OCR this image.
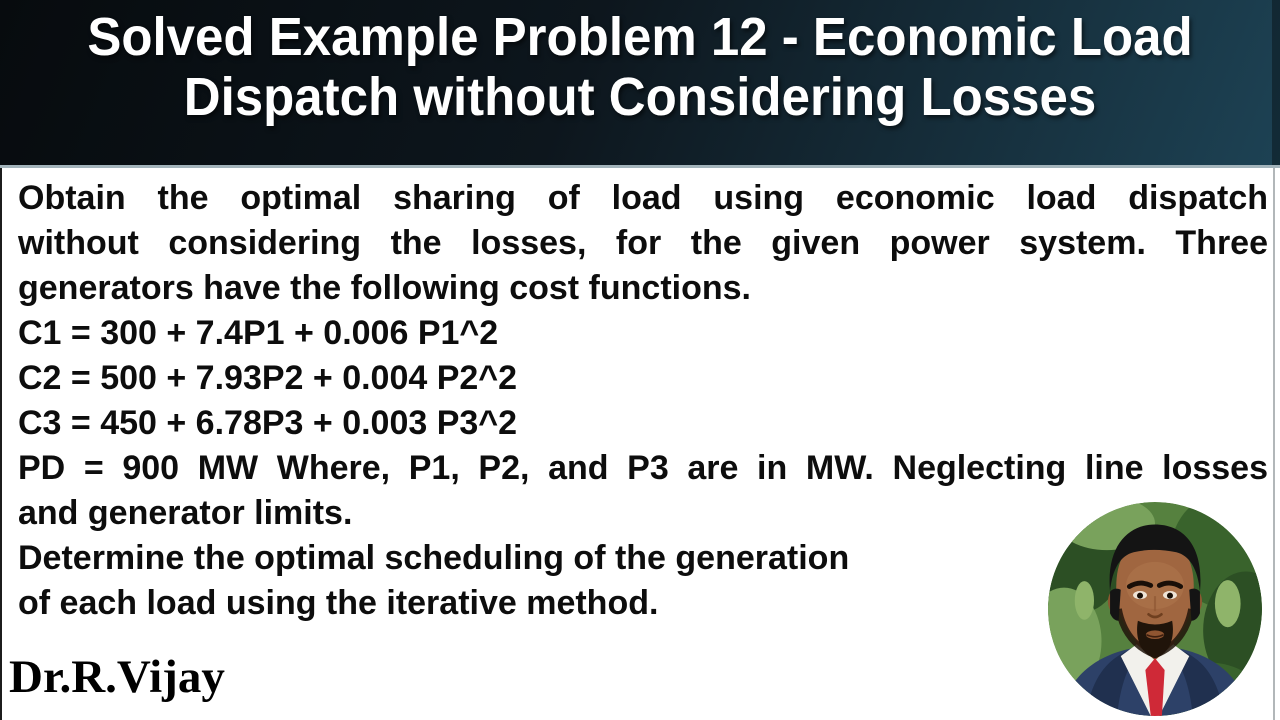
Solved Example Problem 12 - Economic Load
Dispatch without Considering Losses
Obtain the optimal sharing of load using economic load dispatch
without considering the losses, for the given power system. Three
generators have the following cost functions.
C1 = 300 + 7.4P1 + 0.006 P1^2
C2 = 500 + 7.93P2 + 0.004 P2^2
C3 = 450 + 6.78P3 + 0.003 P3^2
PD = 900 MW Where, P1, P2, and P3 are in MW. Neglecting line losses
and generator limits.
Determine the optimal scheduling of the generation
of each load using the iterative method.
Dr.R.Vijay
